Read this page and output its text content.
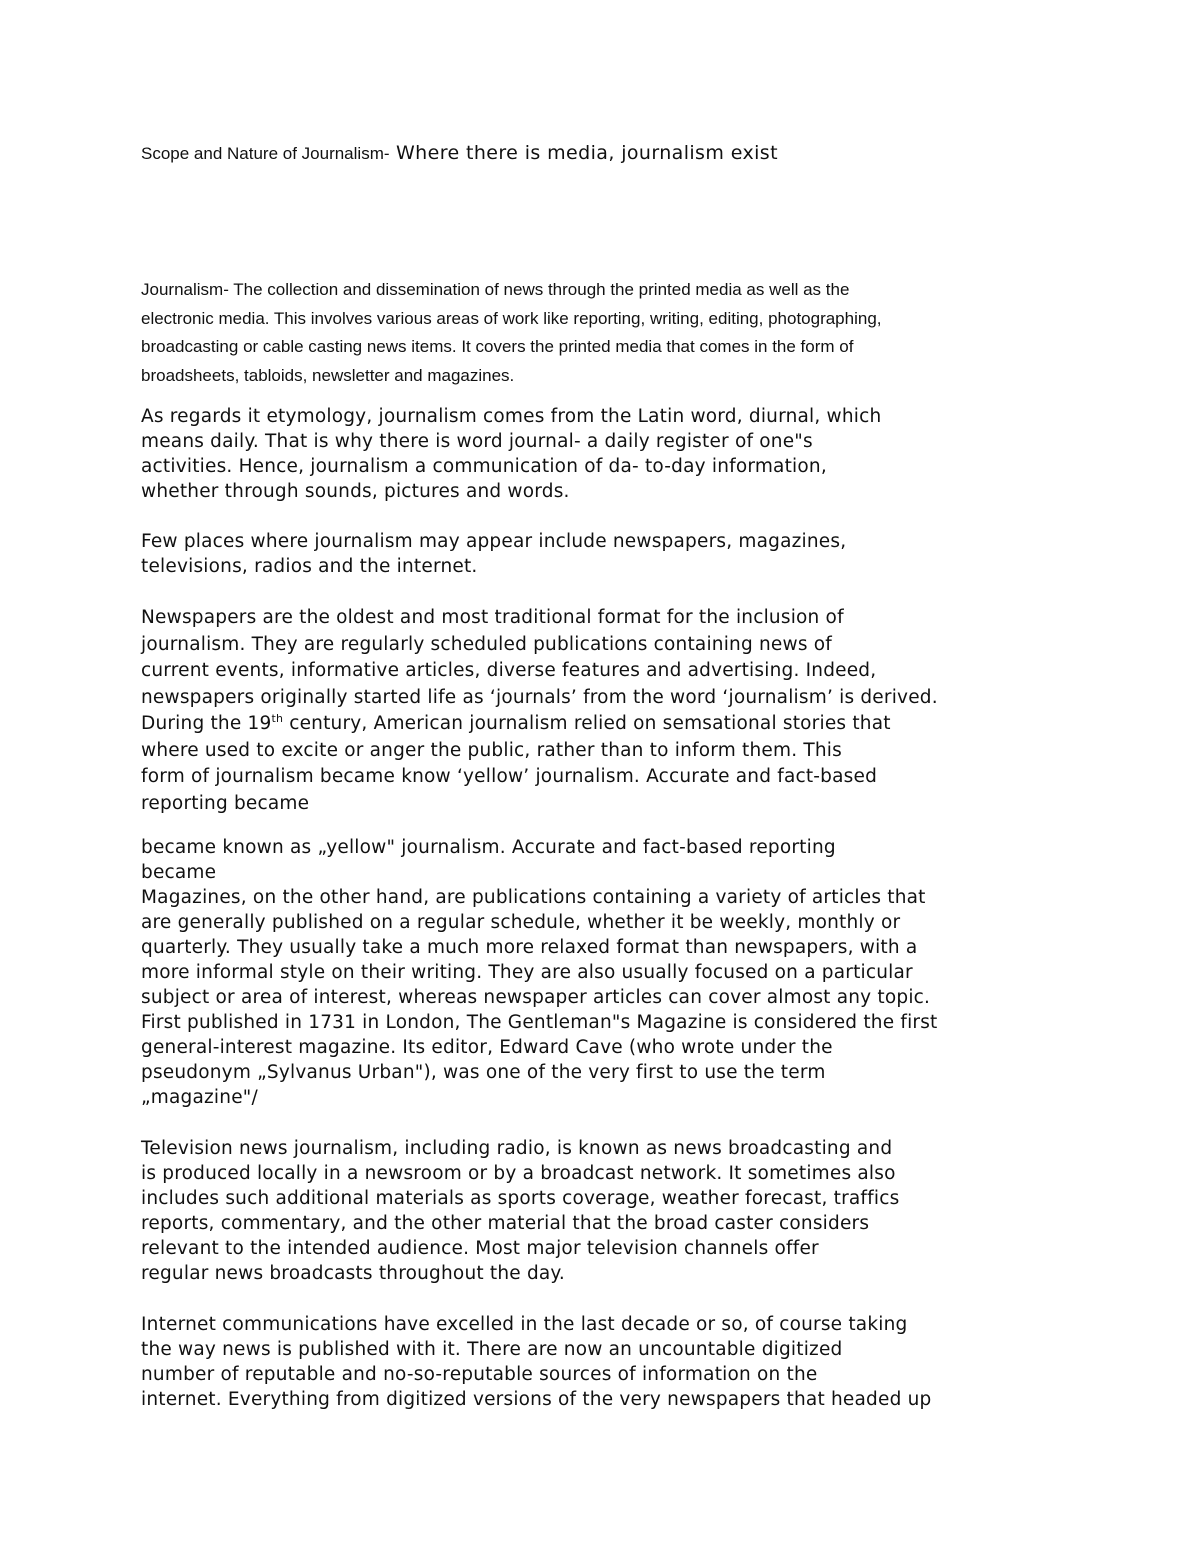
Scope and Nature of Journalism- Where there is media, journalism exist
Journalism- The collection and dissemination of news through the printed media as well as the
electronic media. This involves various areas of work like reporting, writing, editing, photographing,
broadcasting or cable casting news items. It covers the printed media that comes in the form of
broadsheets, tabloids, newsletter and magazines.
As regards it etymology, journalism comes from the Latin word, diurnal, which
means daily. That is why there is word journal- a daily register of one"s
activities. Hence, journalism a communication of da- to-day information,
whether through sounds, pictures and words.
Few places where journalism may appear include newspapers, magazines,
televisions, radios and the internet.
Newspapers are the oldest and most traditional format for the inclusion of
journalism. They are regularly scheduled publications containing news of
current events, informative articles, diverse features and advertising. Indeed,
newspapers originally started life as ‘journals’ from the word ‘journalism’ is derived.
During the 19th century, American journalism relied on semsational stories that
where used to excite or anger the public, rather than to inform them. This
form of journalism became know ‘yellow’ journalism. Accurate and fact-based
reporting became
became known as „yellow" journalism. Accurate and fact-based reporting
became
Magazines, on the other hand, are publications containing a variety of articles that
are generally published on a regular schedule, whether it be weekly, monthly or
quarterly. They usually take a much more relaxed format than newspapers, with a
more informal style on their writing. They are also usually focused on a particular
subject or area of interest, whereas newspaper articles can cover almost any topic.
First published in 1731 in London, The Gentleman"s Magazine is considered the first
general-interest magazine. Its editor, Edward Cave (who wrote under the
pseudonym „Sylvanus Urban"), was one of the very first to use the term
„magazine"/
Television news journalism, including radio, is known as news broadcasting and
is produced locally in a newsroom or by a broadcast network. It sometimes also
includes such additional materials as sports coverage, weather forecast, traffics
reports, commentary, and the other material that the broad caster considers
relevant to the intended audience. Most major television channels offer
regular news broadcasts throughout the day.
Internet communications have excelled in the last decade or so, of course taking
the way news is published with it. There are now an uncountable digitized
number of reputable and no-so-reputable sources of information on the
internet. Everything from digitized versions of the very newspapers that headed up
